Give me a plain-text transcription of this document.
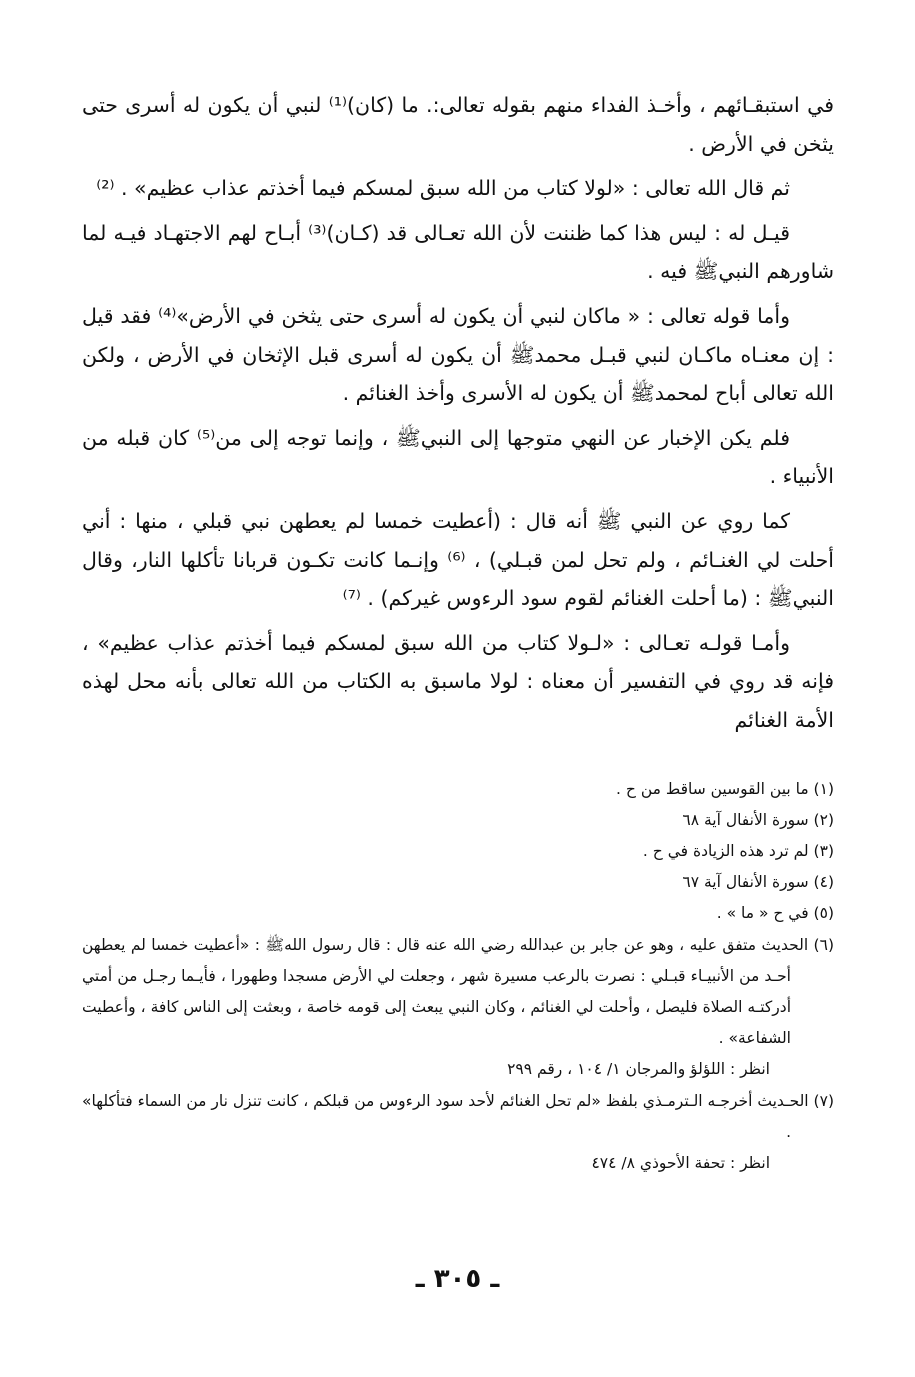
في استبقـائهم ، وأخـذ الفداء منهم بقوله تعالى:. ما (كان)⁽¹⁾ لنبي أن يكون له أسرى حتى يثخن في الأرض .

ثم قال الله تعالى : «لولا كتاب من الله سبق لمسكم فيما أخذتم عذاب عظيم» . ⁽²⁾

قيـل له : ليس هذا كما ظننت لأن الله تعـالى قد (كـان)⁽³⁾ أبـاح لهم الاجتهـاد فيـه لما شاورهم النبيﷺ فيه .

وأما قوله تعالى : « ماكان لنبي أن يكون له أسرى حتى يثخن في الأرض»⁽⁴⁾ فقد قيل : إن معنـاه ماكـان لنبي قبـل محمدﷺ أن يكون له أسرى قبل الإثخان في الأرض ، ولكن الله تعالى أباح لمحمدﷺ أن يكون له الأسرى وأخذ الغنائم .

فلم يكن الإخبار عن النهي متوجها إلى النبيﷺ ، وإنما توجه إلى من⁽⁵⁾ كان قبله من الأنبياء .

كما روي عن النبي ﷺ أنه قال : (أعطيت خمسا لم يعطهن نبي قبلي ، منها : أني أحلت لي الغنـائم ، ولم تحل لمن قبـلي) ، ⁽⁶⁾ وإنـما كانت تكـون قربانا تأكلها النار، وقال النبيﷺ : (ما أحلت الغنائم لقوم سود الرءوس غيركم) . ⁽⁷⁾

وأمـا قولـه تعـالى : «لـولا كتاب من الله سبق لمسكم فيما أخذتم عذاب عظيم» ، فإنه قد روي في التفسير أن معناه : لولا ماسبق به الكتاب من الله تعالى بأنه محل لهذه الأمة الغنائم

(١) ما بين القوسين ساقط من ح .

(٢) سورة الأنفال آية ٦٨

(٣) لم ترد هذه الزيادة في ح .

(٤) سورة الأنفال آية ٦٧

(٥) في ح « ما » .

(٦) الحديث متفق عليه ، وهو عن جابر بن عبدالله رضي الله عنه قال : قال رسول اللهﷺ : «أعطيت خمسا لم يعطهن أحـد من الأنبيـاء قبـلي : نصرت بالرعب مسيرة شهر ، وجعلت لي الأرض مسجدا وطهورا ، فأيـما رجـل من أمتي أدركتـه الصلاة فليصل ، وأحلت لي الغنائم ، وكان النبي يبعث إلى قومه خاصة ، وبعثت إلى الناس كافة ، وأعطيت الشفاعة» .

انظر : اللؤلؤ والمرجان ١/ ١٠٤ ، رقم ٢٩٩

(٧) الحـديث أخرجـه الـترمـذي بلفظ «لم تحل الغنائم لأحد سود الرءوس من قبلكم ، كانت تنزل نار من السماء فتأكلها» .

انظر : تحفة الأحوذي ٨/ ٤٧٤

ـ ٣٠٥ ـ
